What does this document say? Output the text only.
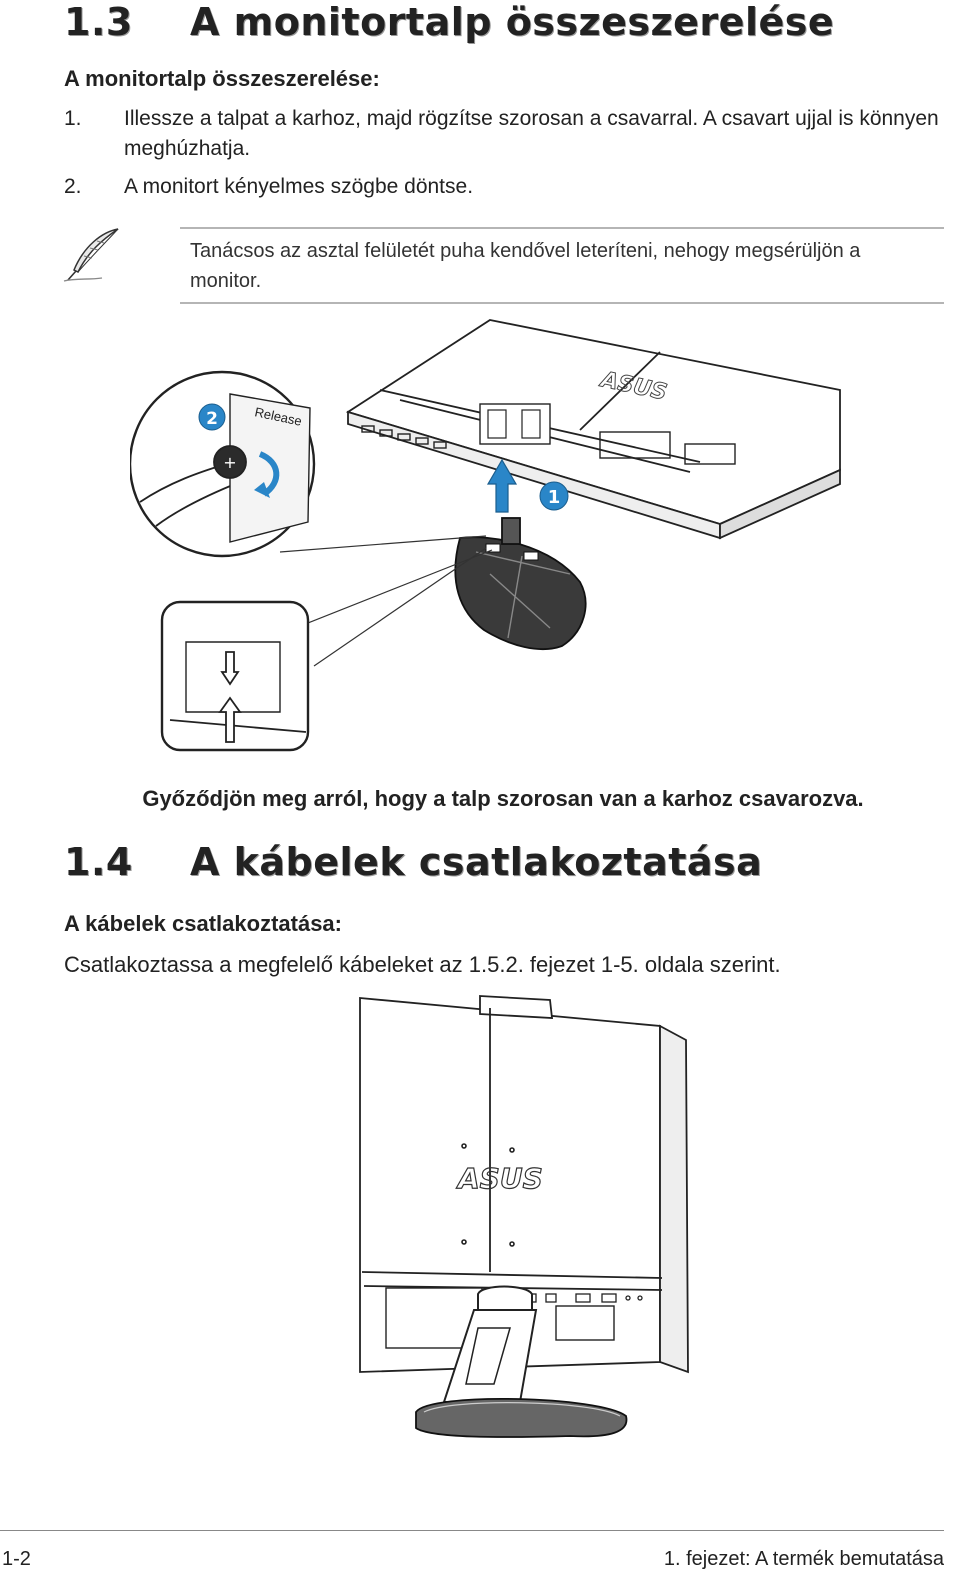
1.3 A monitortalp összeszerelése
A monitortalp összeszerelése:
1. Illessze a talpat a karhoz, majd rögzítse szorosan a csavarral. A csavart ujjal is könnyen meghúzhatja.
2. A monitort kényelmes szögbe döntse.
Tanácsos az asztal felületét puha kendővel leteríteni, nehogy megsérüljön a monitor.
ASUS
1
+
Release
2
Győződjön meg arról, hogy a talp szorosan van a karhoz csavarozva.
1.4 A kábelek csatlakoztatása
A kábelek csatlakoztatása:
Csatlakoztassa a megfelelő kábeleket az 1.5.2. fejezet 1-5. oldala szerint.
ASUS
1-2	1. fejezet: A termék bemutatása
